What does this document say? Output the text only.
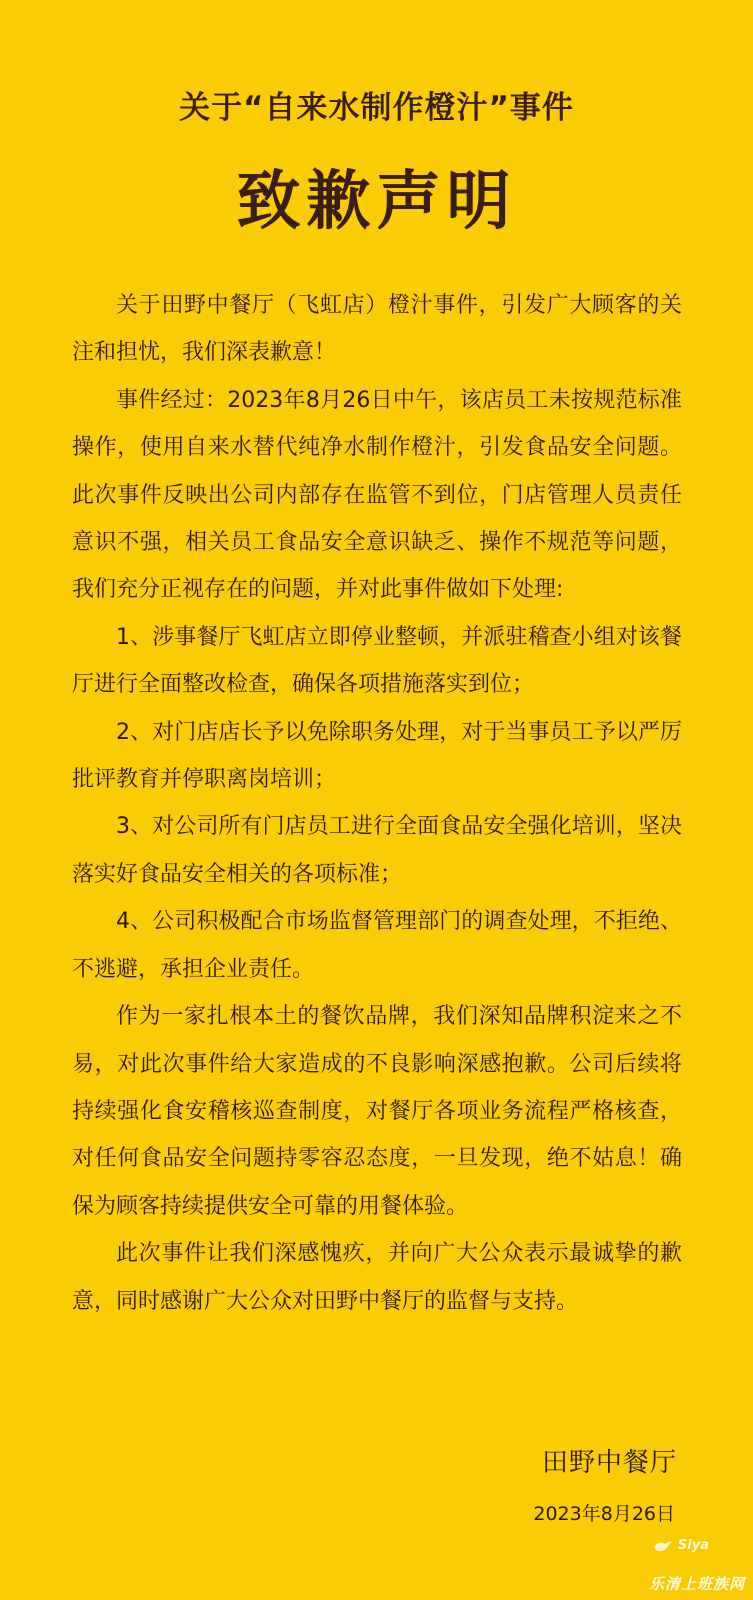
关于“自来水制作橙汁”事件
致歉声明

关于田野中餐厅（飞虹店）橙汁事件，引发广大顾客的关注和担忧，我们深表歉意！

事件经过：2023年8月26日中午，该店员工未按规范标准操作，使用自来水替代纯净水制作橙汁，引发食品安全问题。此次事件反映出公司内部存在监管不到位，门店管理人员责任意识不强，相关员工食品安全意识缺乏、操作不规范等问题，我们充分正视存在的问题，并对此事件做如下处理:

1、涉事餐厅飞虹店立即停业整顿，并派驻稽查小组对该餐厅进行全面整改检查，确保各项措施落实到位；

2、对门店店长予以免除职务处理，对于当事员工予以严厉批评教育并停职离岗培训；

3、对公司所有门店员工进行全面食品安全强化培训，坚决落实好食品安全相关的各项标准；

4、公司积极配合市场监督管理部门的调查处理，不拒绝、不逃避，承担企业责任。

作为一家扎根本土的餐饮品牌，我们深知品牌积淀来之不易，对此次事件给大家造成的不良影响深感抱歉。公司后续将持续强化食安稽核巡查制度，对餐厅各项业务流程严格核查，对任何食品安全问题持零容忍态度，一旦发现，绝不姑息！确保为顾客持续提供安全可靠的用餐体验。

此次事件让我们深感愧疚，并向广大公众表示最诚挚的歉意，同时感谢广大公众对田野中餐厅的监督与支持。

田野中餐厅
2023年8月26日
Siya
乐清上班族网
